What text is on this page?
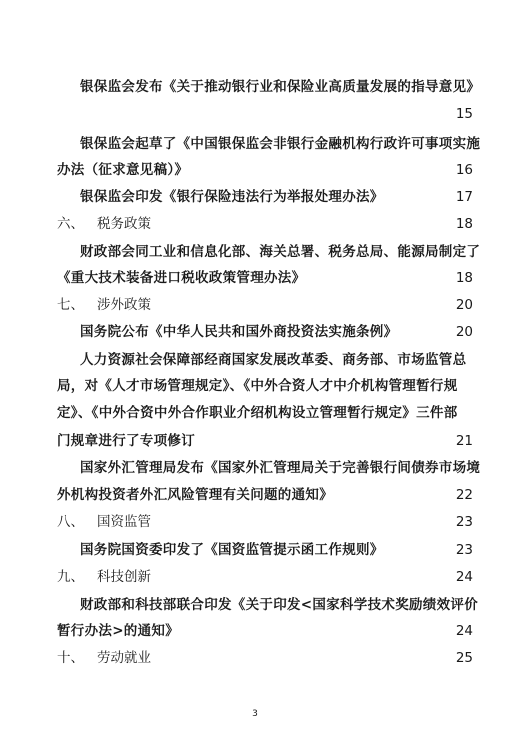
银保监会发布《关于推动银行业和保险业高质量发展的指导意见》
15
银保监会起草了《中国银保监会非银行金融机构行政许可事项实施
办法（征求意见稿）》	16
银保监会印发《银行保险违法行为举报处理办法》	17
六、 税务政策	18
财政部会同工业和信息化部、海关总署、税务总局、能源局制定了
《重大技术装备进口税收政策管理办法》	18
七、 涉外政策	20
国务院公布《中华人民共和国外商投资法实施条例》	20
人力资源社会保障部经商国家发展改革委、商务部、市场监管总
局，对《人才市场管理规定》、《中外合资人才中介机构管理暂行规
定》、《中外合资中外合作职业介绍机构设立管理暂行规定》三件部
门规章进行了专项修订	21
国家外汇管理局发布《国家外汇管理局关于完善银行间债券市场境
外机构投资者外汇风险管理有关问题的通知》	22
八、 国资监管	23
国务院国资委印发了《国资监管提示函工作规则》	23
九、 科技创新	24
财政部和科技部联合印发《关于印发<国家科学技术奖励绩效评价
暂行办法>的通知》	24
十、 劳动就业	25
3
